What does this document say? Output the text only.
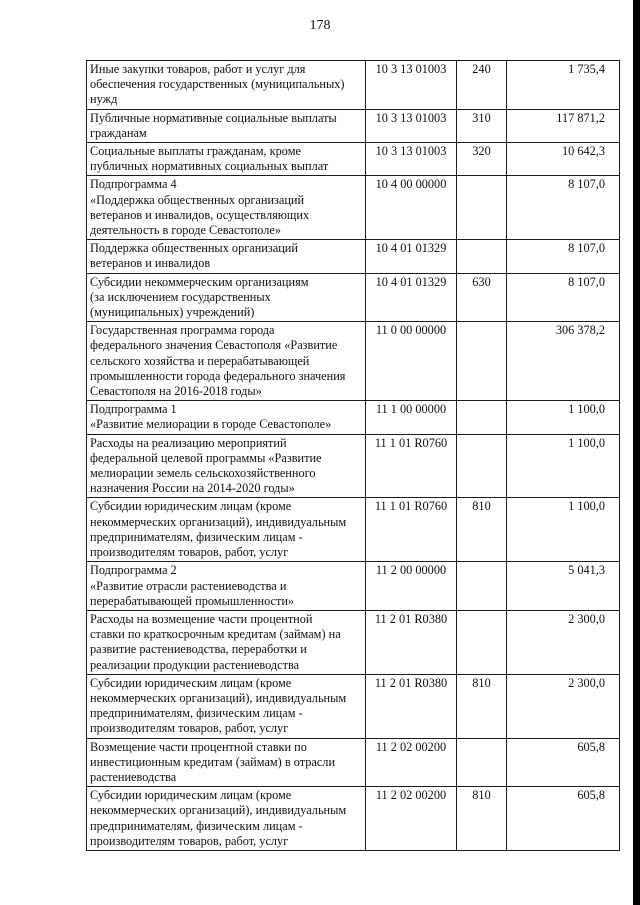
178
Иные закупки товаров, работ и услуг для
обеспечения государственных (муниципальных)
нужд	10 3 13 01003	240	1 735,4

Публичные нормативные социальные выплаты
гражданам	10 3 13 01003	310	117 871,2

Социальные выплаты гражданам, кроме
публичных нормативных социальных выплат	10 3 13 01003	320	10 642,3

Подпрограмма 4
«Поддержка общественных организаций
ветеранов и инвалидов, осуществляющих
деятельность в городе Севастополе»	10 4 00 00000		8 107,0

Поддержка общественных организаций
ветеранов и инвалидов	10 4 01 01329		8 107,0

Субсидии некоммерческим организациям
(за исключением государственных
(муниципальных) учреждений)	10 4 01 01329	630	8 107,0

Государственная программа города
федерального значения Севастополя «Развитие
сельского хозяйства и перерабатывающей
промышленности города федерального значения
Севастополя на 2016-2018 годы»	11 0 00 00000		306 378,2

Подпрограмма 1
«Развитие мелиорации в городе Севастополе»	11 1 00 00000		1 100,0

Расходы на реализацию мероприятий
федеральной целевой программы «Развитие
мелиорации земель сельскохозяйственного
назначения России на 2014-2020 годы»	11 1 01 R0760		1 100,0

Субсидии юридическим лицам (кроме
некоммерческих организаций), индивидуальным
предпринимателям, физическим лицам -
производителям товаров, работ, услуг	11 1 01 R0760	810	1 100,0

Подпрограмма 2
«Развитие отрасли растениеводства и
перерабатывающей промышленности»	11 2 00 00000		5 041,3

Расходы на возмещение части процентной
ставки по краткосрочным кредитам (займам) на
развитие растениеводства, переработки и
реализации продукции растениеводства	11 2 01 R0380		2 300,0

Субсидии юридическим лицам (кроме
некоммерческих организаций), индивидуальным
предпринимателям, физическим лицам -
производителям товаров, работ, услуг	11 2 01 R0380	810	2 300,0

Возмещение части процентной ставки по
инвестиционным кредитам (займам) в отрасли
растениеводства	11 2 02 00200		605,8

Субсидии юридическим лицам (кроме
некоммерческих организаций), индивидуальным
предпринимателям, физическим лицам -
производителям товаров, работ, услуг	11 2 02 00200	810	605,8
